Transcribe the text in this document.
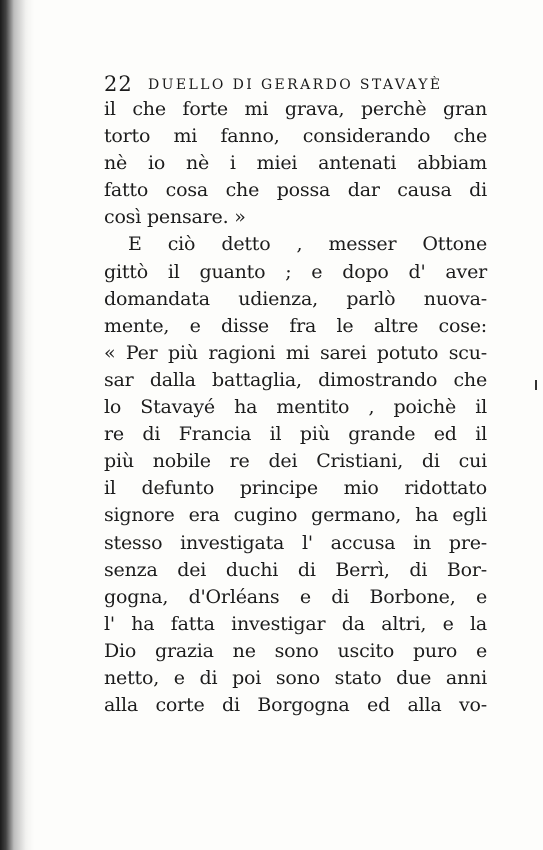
22 DUELLO DI GERARDO STAVAYÈ
il che forte mi grava, perchè gran
torto mi fanno, considerando che
nè io nè i miei antenati abbiam
fatto cosa che possa dar causa di
così pensare. »
E ciò detto , messer Ottone
gittò il guanto ; e dopo d' aver
domandata udienza, parlò nuova-
mente, e disse fra le altre cose:
« Per più ragioni mi sarei potuto scu-
sar dalla battaglia, dimostrando che
lo Stavayé ha mentito , poichè il
re di Francia il più grande ed il
più nobile re dei Cristiani, di cui
il defunto principe mio ridottato
signore era cugino germano, ha egli
stesso investigata l' accusa in pre-
senza dei duchi di Berrì, di Bor-
gogna, d'Orléans e di Borbone, e
l' ha fatta investigar da altri, e la
Dio grazia ne sono uscito puro e
netto, e di poi sono stato due anni
alla corte di Borgogna ed alla vo-
